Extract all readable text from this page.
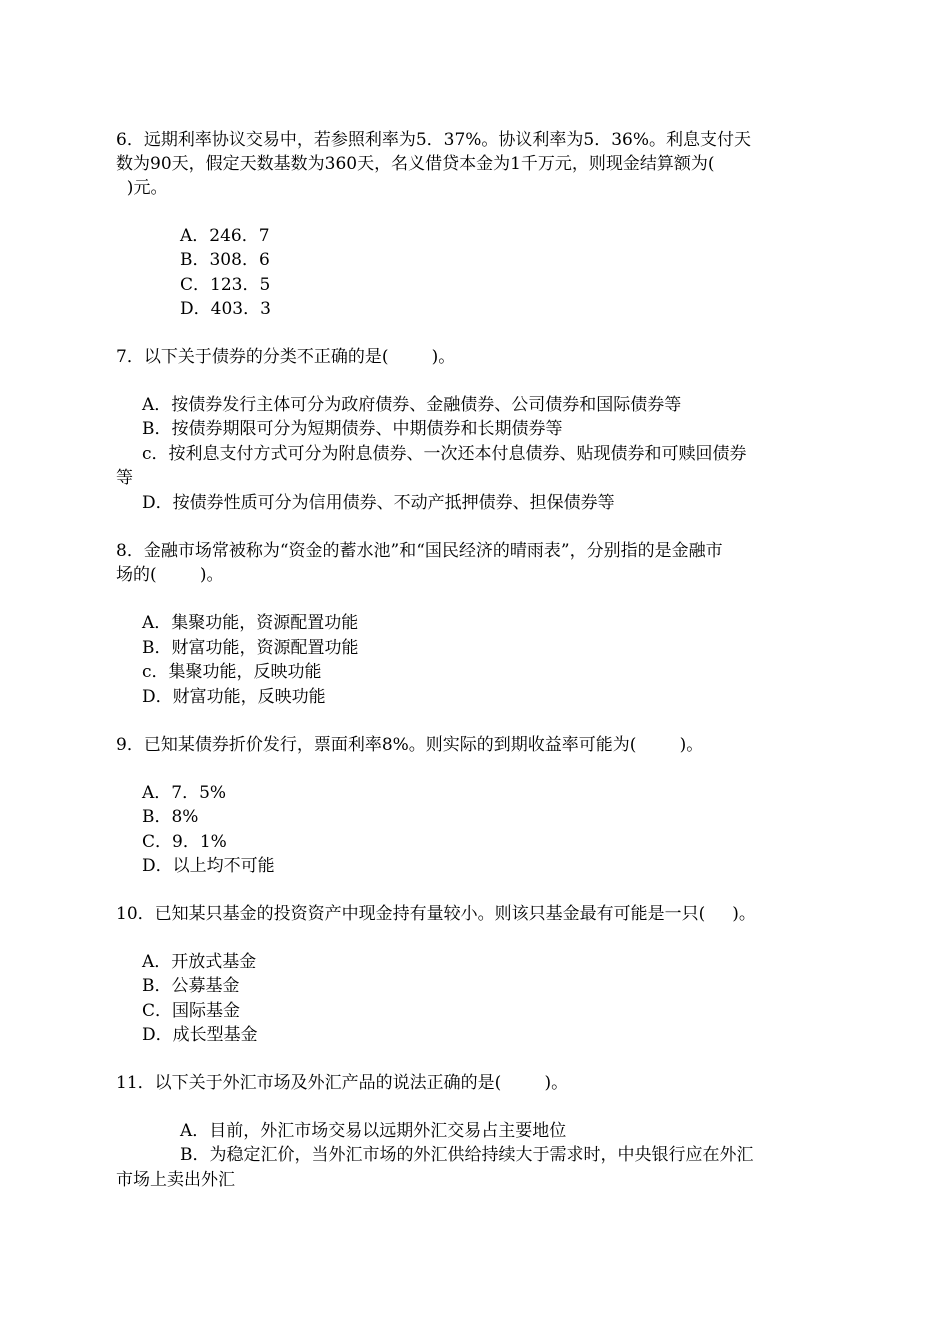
6．远期利率协议交易中，若参照利率为5．37%。协议利率为5．36%。利息支付天
数为90天，假定天数基数为360天，名义借贷本金为1千万元，则现金结算额为(
)元。
A．246．7
B．308．6
C．123．5
D．403．3
7．以下关于债券的分类不正确的是(        )。
A．按债券发行主体可分为政府债券、金融债券、公司债券和国际债券等
B．按债券期限可分为短期债券、中期债券和长期债券等
c．按利息支付方式可分为附息债券、一次还本付息债券、贴现债券和可赎回债券
等
D．按债券性质可分为信用债券、不动产抵押债券、担保债券等
8．金融市场常被称为“资金的蓄水池”和“国民经济的晴雨表”，分别指的是金融市
场的(        )。
A．集聚功能，资源配置功能
B．财富功能，资源配置功能
c．集聚功能，反映功能
D．财富功能，反映功能
9．已知某债券折价发行，票面利率8%。则实际的到期收益率可能为(        )。
A．7．5%
B．8%
C．9．1%
D．以上均不可能
10．已知某只基金的投资资产中现金持有量较小。则该只基金最有可能是一只(     )。
A．开放式基金
B．公募基金
C．国际基金
D．成长型基金
11．以下关于外汇市场及外汇产品的说法正确的是(        )。
A．目前，外汇市场交易以远期外汇交易占主要地位
B．为稳定汇价，当外汇市场的外汇供给持续大于需求时，中央银行应在外汇
市场上卖出外汇
